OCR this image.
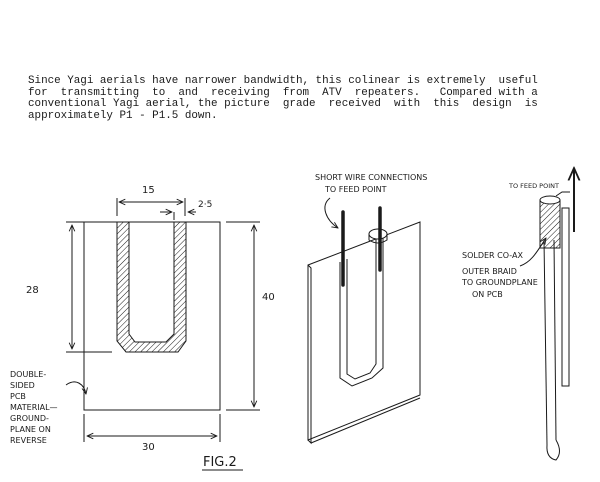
Since Yagi aerials have narrower bandwidth, this colinear is extremely  useful
for  transmitting  to  and  receiving  from  ATV  repeaters.   Compared with a
conventional Yagi aerial, the picture  grade  received  with  this  design  is
approximately P1 - P1.5 down.
15
2·5
28
40
30
DOUBLE-
SIDED
PCB
MATERIAL—
GROUND-
PLANE ON
REVERSE
FIG.2
SHORT WIRE CONNECTIONS
TO FEED POINT	TO FEED POINT
SOLDER CO-AX
OUTER BRAID
TO GROUNDPLANE
ON PCB
